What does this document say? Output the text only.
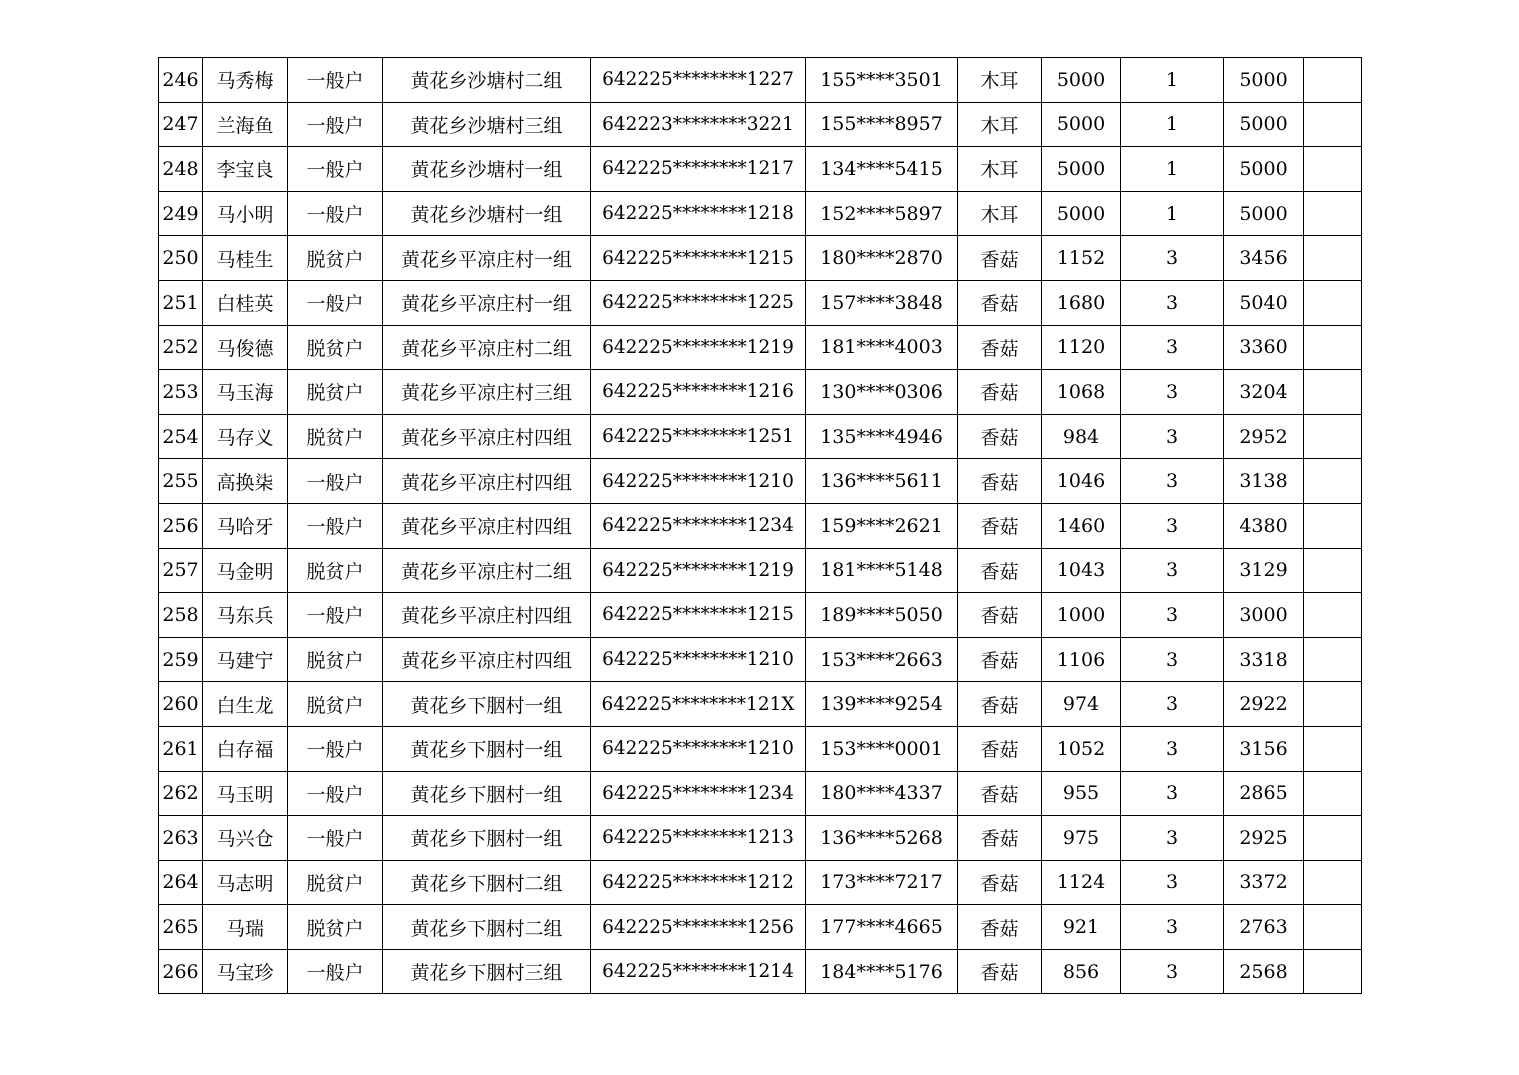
246	马秀梅	一般户	黄花乡沙塘村二组	642225********1227	155****3501	木耳	5000	1	5000	
247	兰海鱼	一般户	黄花乡沙塘村三组	642223********3221	155****8957	木耳	5000	1	5000	
248	李宝良	一般户	黄花乡沙塘村一组	642225********1217	134****5415	木耳	5000	1	5000	
249	马小明	一般户	黄花乡沙塘村一组	642225********1218	152****5897	木耳	5000	1	5000	
250	马桂生	脱贫户	黄花乡平凉庄村一组	642225********1215	180****2870	香菇	1152	3	3456	
251	白桂英	一般户	黄花乡平凉庄村一组	642225********1225	157****3848	香菇	1680	3	5040	
252	马俊德	脱贫户	黄花乡平凉庄村二组	642225********1219	181****4003	香菇	1120	3	3360	
253	马玉海	脱贫户	黄花乡平凉庄村三组	642225********1216	130****0306	香菇	1068	3	3204	
254	马存义	脱贫户	黄花乡平凉庄村四组	642225********1251	135****4946	香菇	984	3	2952	
255	高换柒	一般户	黄花乡平凉庄村四组	642225********1210	136****5611	香菇	1046	3	3138	
256	马哈牙	一般户	黄花乡平凉庄村四组	642225********1234	159****2621	香菇	1460	3	4380	
257	马金明	脱贫户	黄花乡平凉庄村二组	642225********1219	181****5148	香菇	1043	3	3129	
258	马东兵	一般户	黄花乡平凉庄村四组	642225********1215	189****5050	香菇	1000	3	3000	
259	马建宁	脱贫户	黄花乡平凉庄村四组	642225********1210	153****2663	香菇	1106	3	3318	
260	白生龙	脱贫户	黄花乡下胭村一组	642225********121X	139****9254	香菇	974	3	2922	
261	白存福	一般户	黄花乡下胭村一组	642225********1210	153****0001	香菇	1052	3	3156	
262	马玉明	一般户	黄花乡下胭村一组	642225********1234	180****4337	香菇	955	3	2865	
263	马兴仓	一般户	黄花乡下胭村一组	642225********1213	136****5268	香菇	975	3	2925	
264	马志明	脱贫户	黄花乡下胭村二组	642225********1212	173****7217	香菇	1124	3	3372	
265	马瑞	脱贫户	黄花乡下胭村二组	642225********1256	177****4665	香菇	921	3	2763	
266	马宝珍	一般户	黄花乡下胭村三组	642225********1214	184****5176	香菇	856	3	2568	
